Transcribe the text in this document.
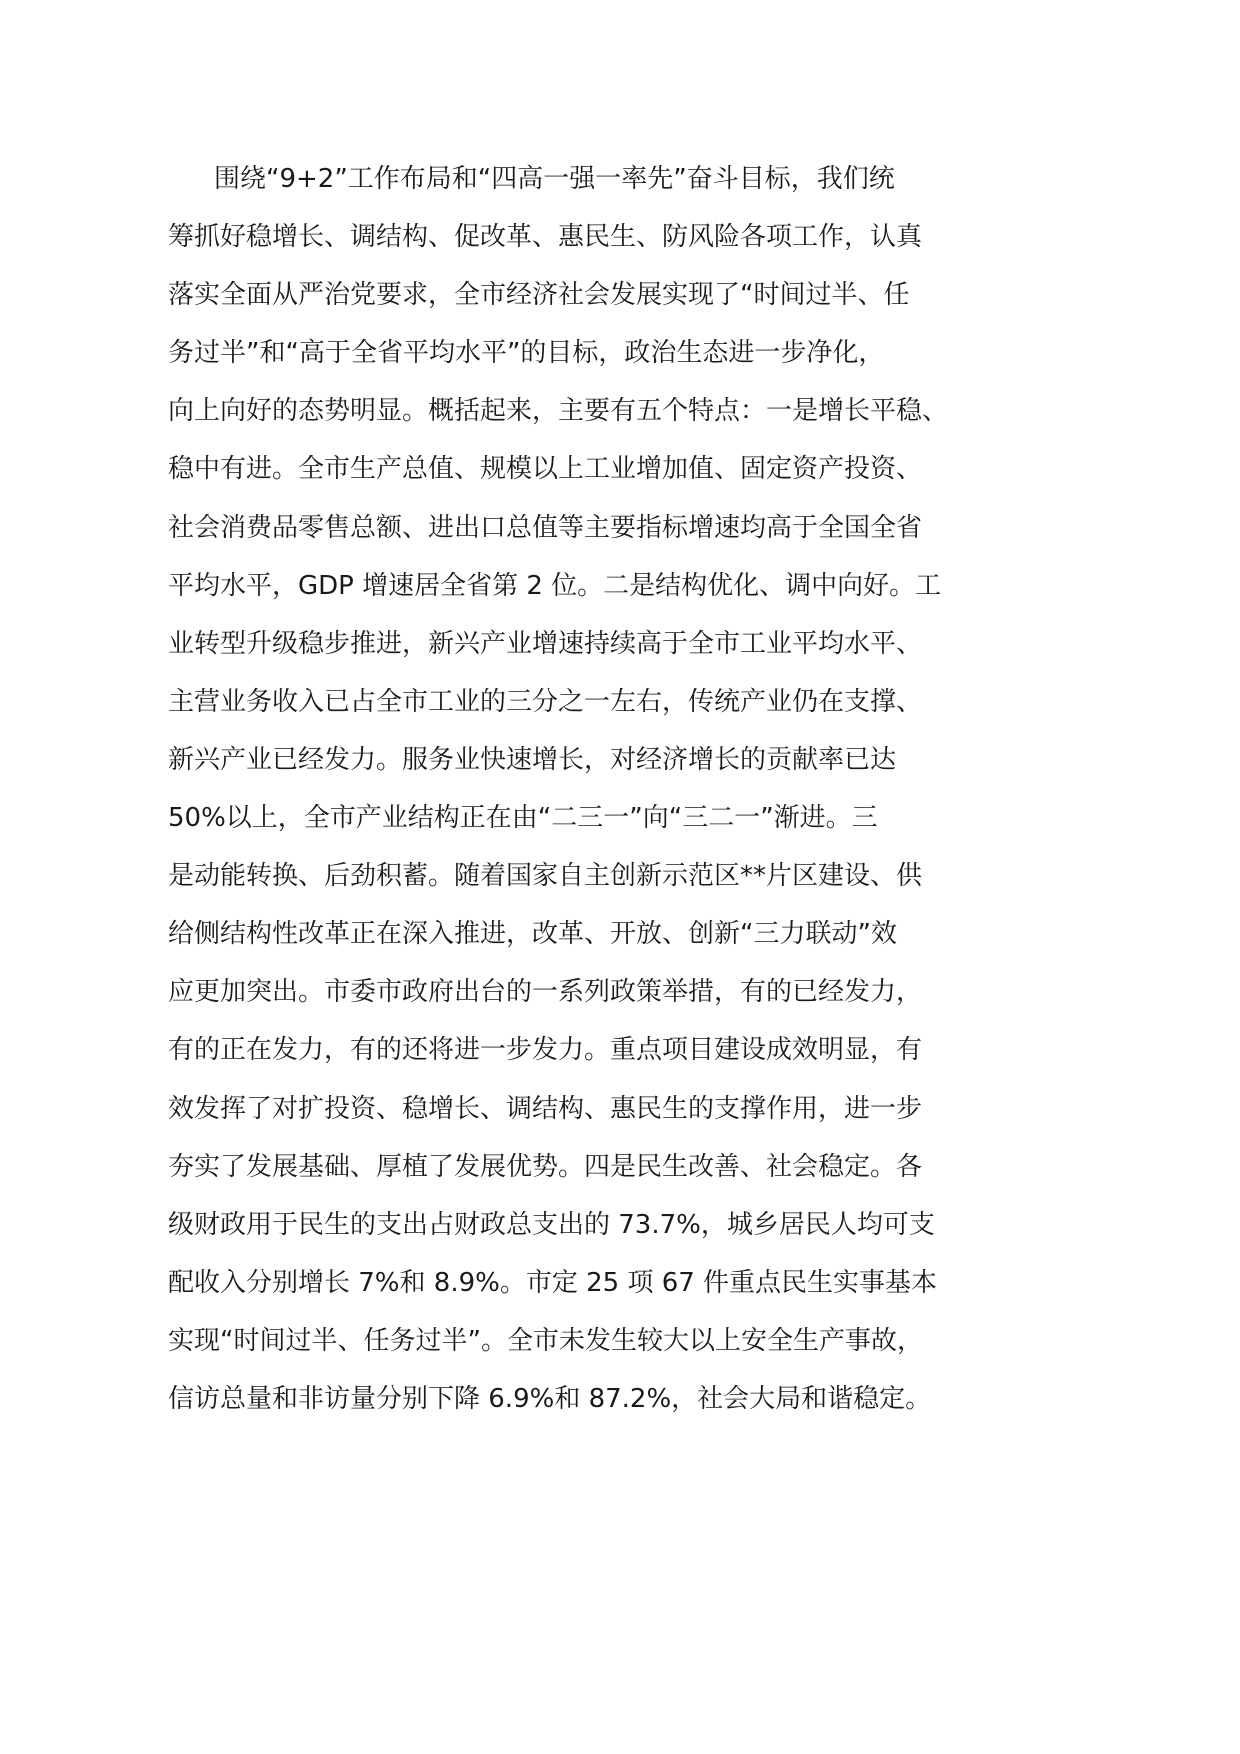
围绕“9+2”工作布局和“四高一强一率先”奋斗目标，我们统
筹抓好稳增长、调结构、促改革、惠民生、防风险各项工作，认真
落实全面从严治党要求，全市经济社会发展实现了“时间过半、任
务过半”和“高于全省平均水平”的目标，政治生态进一步净化，
向上向好的态势明显。概括起来，主要有五个特点：一是增长平稳、
稳中有进。全市生产总值、规模以上工业增加值、固定资产投资、
社会消费品零售总额、进出口总值等主要指标增速均高于全国全省
平均水平，GDP 增速居全省第 2 位。二是结构优化、调中向好。工
业转型升级稳步推进，新兴产业增速持续高于全市工业平均水平、
主营业务收入已占全市工业的三分之一左右，传统产业仍在支撑、
新兴产业已经发力。服务业快速增长，对经济增长的贡献率已达
50%以上，全市产业结构正在由“二三一”向“三二一”渐进。三
是动能转换、后劲积蓄。随着国家自主创新示范区**片区建设、供
给侧结构性改革正在深入推进，改革、开放、创新“三力联动”效
应更加突出。市委市政府出台的一系列政策举措，有的已经发力，
有的正在发力，有的还将进一步发力。重点项目建设成效明显，有
效发挥了对扩投资、稳增长、调结构、惠民生的支撑作用，进一步
夯实了发展基础、厚植了发展优势。四是民生改善、社会稳定。各
级财政用于民生的支出占财政总支出的 73.7%，城乡居民人均可支
配收入分别增长 7%和 8.9%。市定 25 项 67 件重点民生实事基本
实现“时间过半、任务过半”。全市未发生较大以上安全生产事故，
信访总量和非访量分别下降 6.9%和 87.2%，社会大局和谐稳定。
